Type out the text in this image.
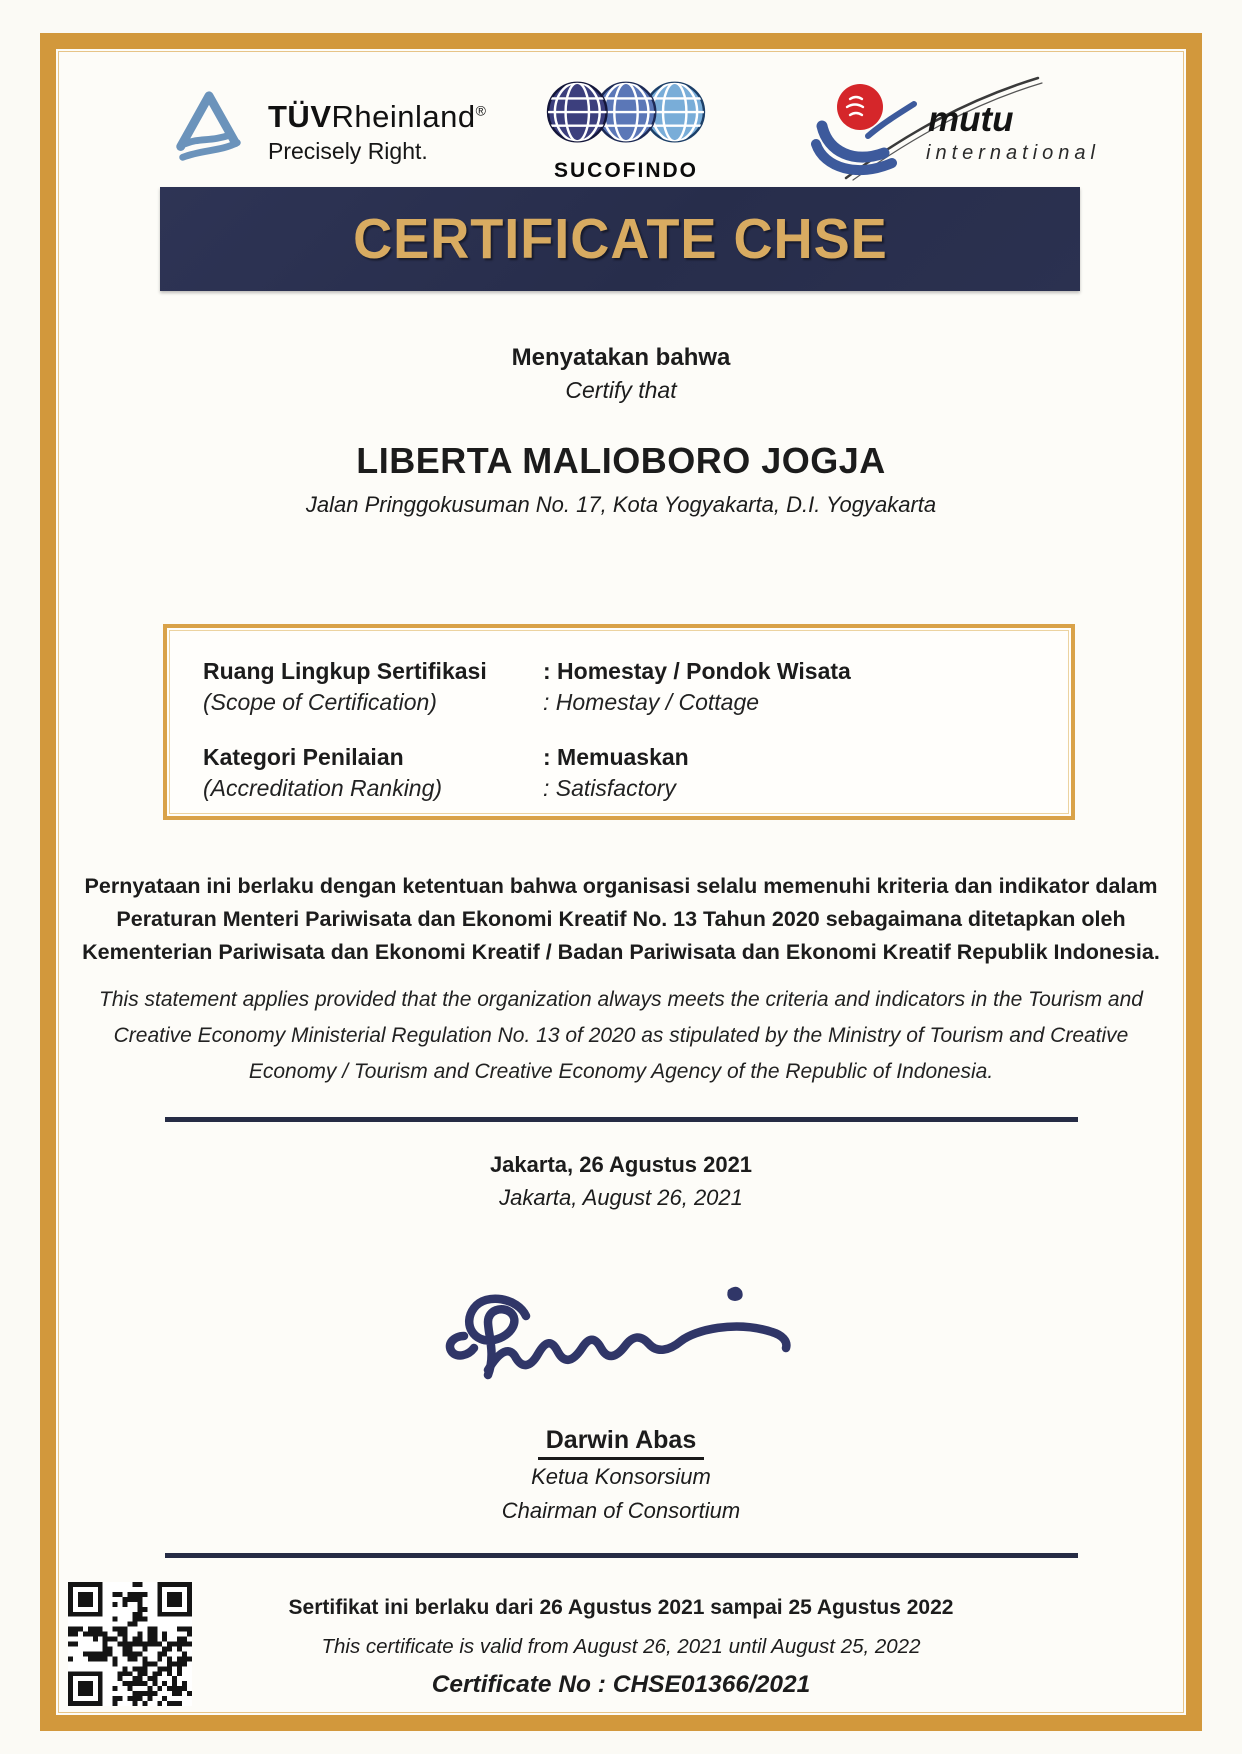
TÜVRheinland®
Precisely Right.
SUCOFINDO
mutu
international
CERTIFICATE CHSE
Menyatakan bahwa
Certify that
LIBERTA MALIOBORO JOGJA
Jalan Pringgokusuman No. 17, Kota Yogyakarta, D.I. Yogyakarta
Ruang Lingkup Sertifikasi
(Scope of Certification)
: Homestay / Pondok Wisata
: Homestay / Cottage
Kategori Penilaian
(Accreditation Ranking)
: Memuaskan
: Satisfactory
Pernyataan ini berlaku dengan ketentuan bahwa organisasi selalu memenuhi kriteria dan indikator dalam Peraturan Menteri Pariwisata dan Ekonomi Kreatif No. 13 Tahun 2020 sebagaimana ditetapkan oleh Kementerian Pariwisata dan Ekonomi Kreatif / Badan Pariwisata dan Ekonomi Kreatif Republik Indonesia.
This statement applies provided that the organization always meets the criteria and indicators in the Tourism and Creative Economy Ministerial Regulation No. 13 of 2020 as stipulated by the Ministry of Tourism and Creative Economy / Tourism and Creative Economy Agency of the Republic of Indonesia.
Jakarta, 26 Agustus 2021
Jakarta, August 26, 2021
Darwin Abas
Ketua Konsorsium
Chairman of Consortium
Sertifikat ini berlaku dari 26 Agustus 2021 sampai 25 Agustus 2022
This certificate is valid from August 26, 2021 until August 25, 2022
Certificate No : CHSE01366/2021
